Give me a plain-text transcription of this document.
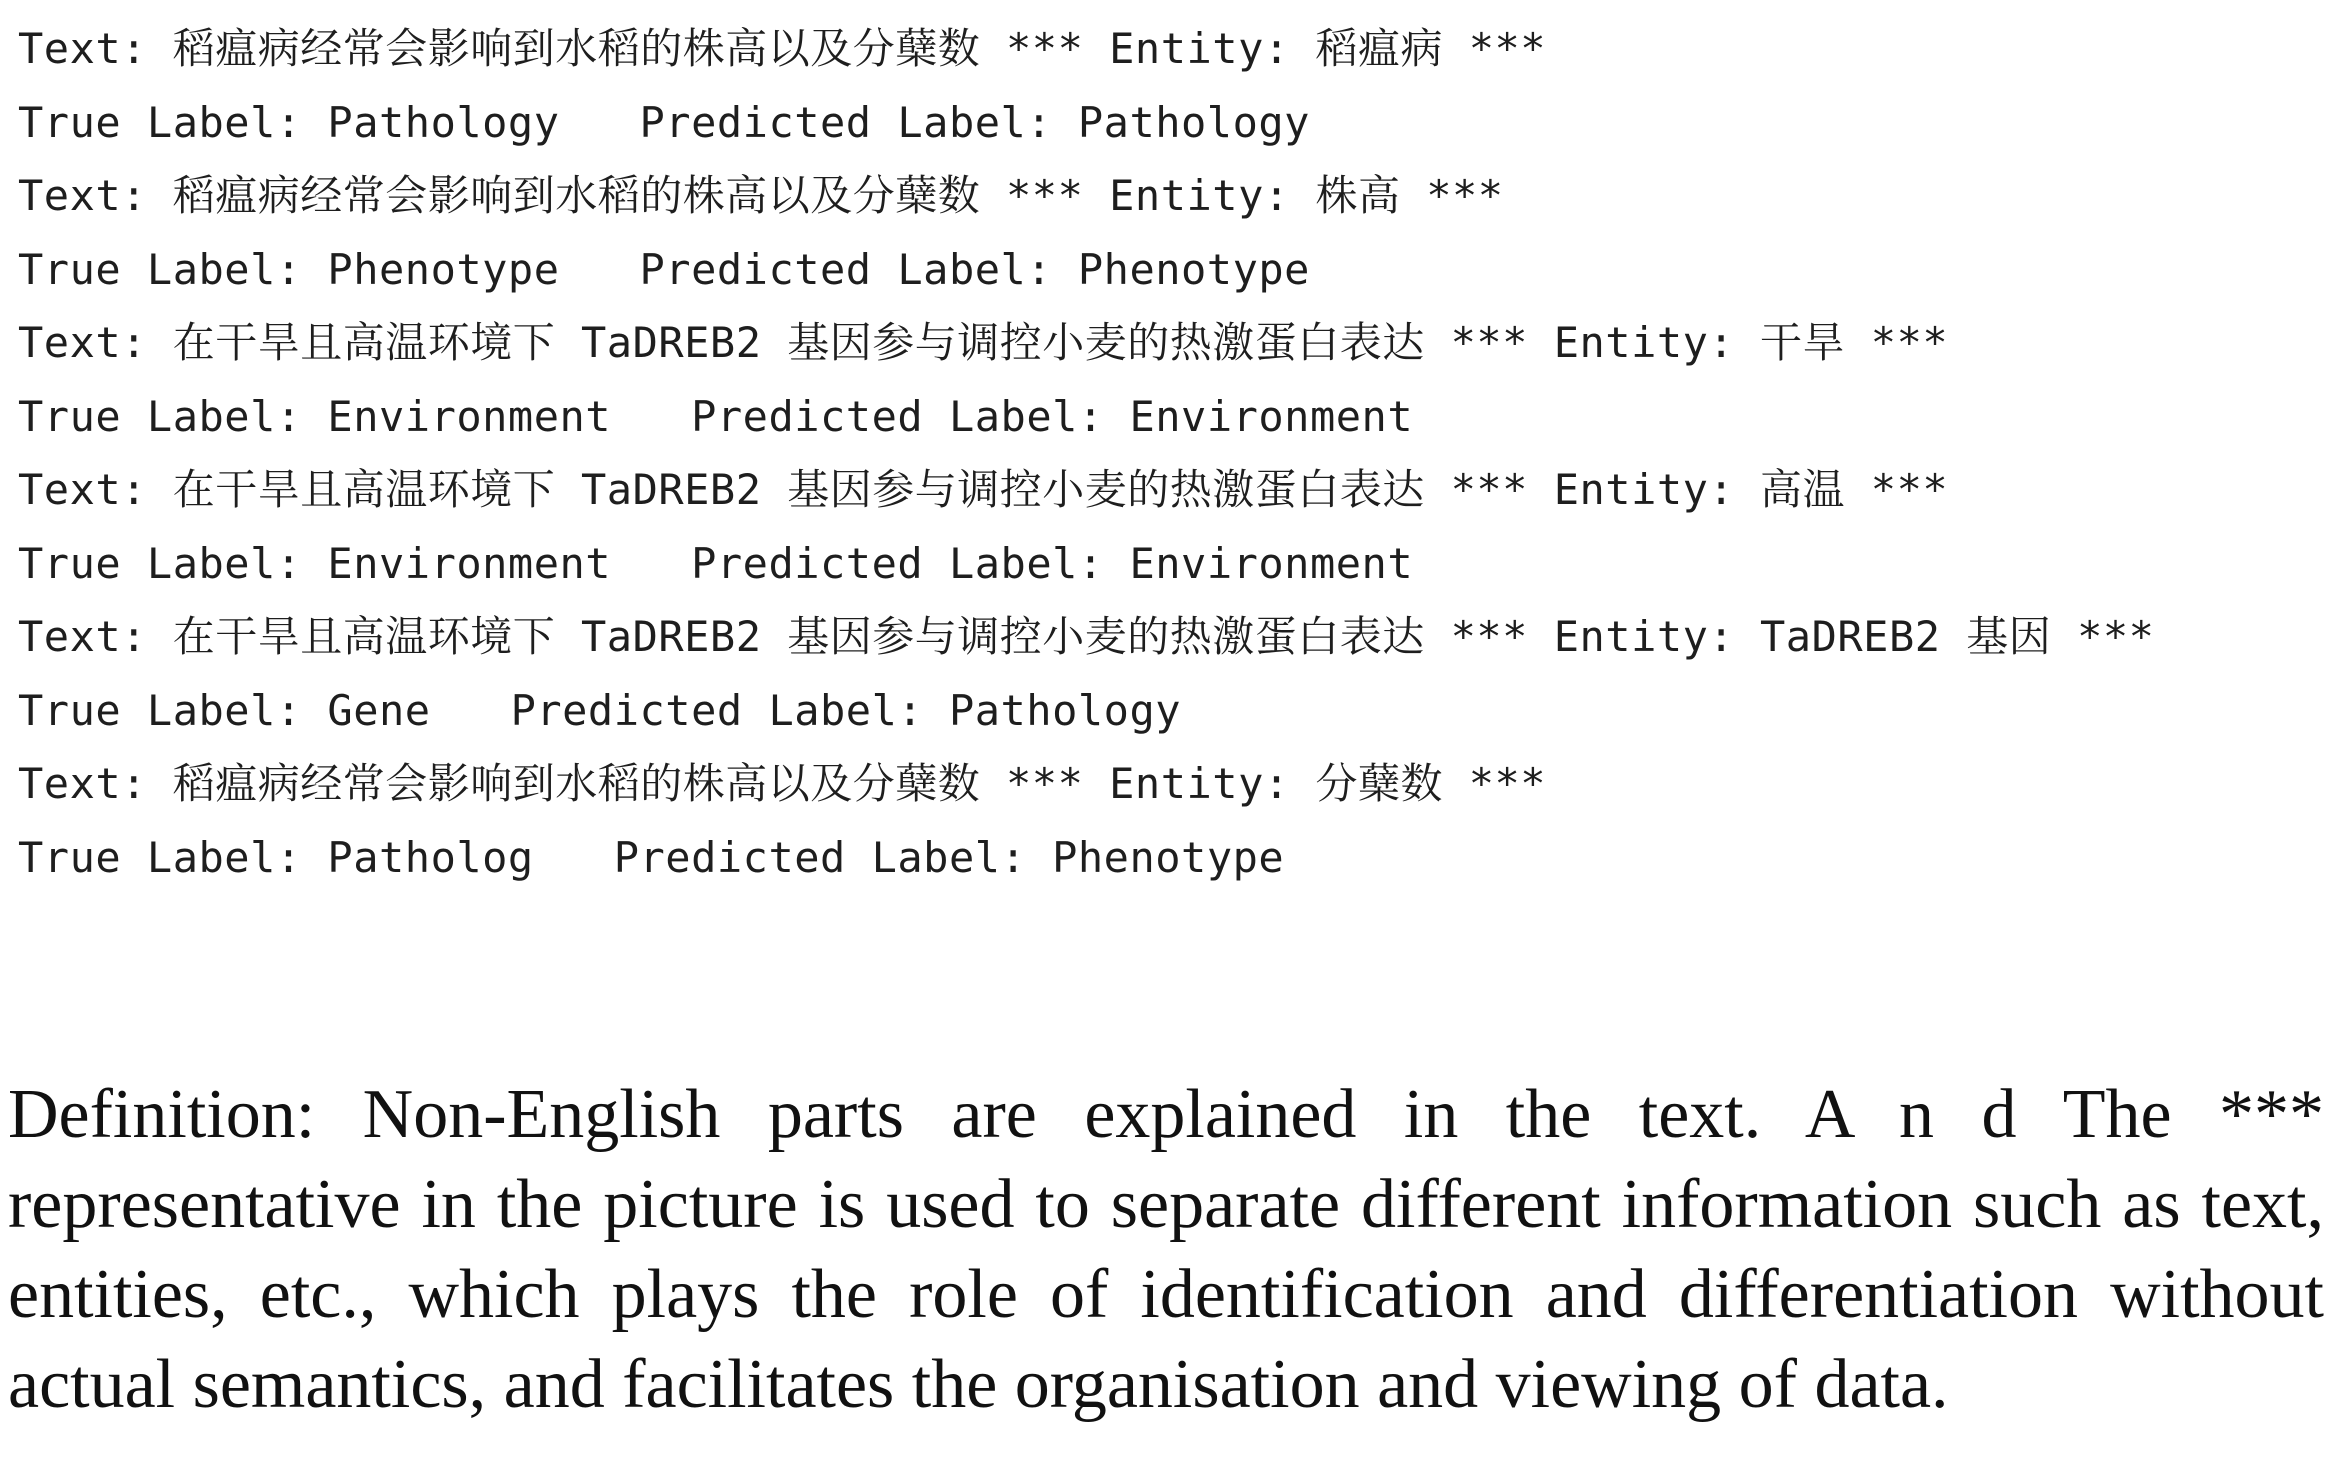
Text: 稻瘟病经常会影响到水稻的株高以及分蘖数 *** Entity: 稻瘟病 ***
True Label: Pathology Predicted Label: Pathology
Text: 稻瘟病经常会影响到水稻的株高以及分蘖数 *** Entity: 株高 ***
True Label: Phenotype Predicted Label: Phenotype
Text: 在干旱且高温环境下 TaDREB2 基因参与调控小麦的热激蛋白表达 *** Entity: 干旱 ***
True Label: Environment Predicted Label: Environment
Text: 在干旱且高温环境下 TaDREB2 基因参与调控小麦的热激蛋白表达 *** Entity: 高温 ***
True Label: Environment Predicted Label: Environment
Text: 在干旱且高温环境下 TaDREB2 基因参与调控小麦的热激蛋白表达 *** Entity: TaDREB2 基因 ***
True Label: Gene Predicted Label: Pathology
Text: 稻瘟病经常会影响到水稻的株高以及分蘖数 *** Entity: 分蘖数 ***
True Label: Patholog Predicted Label: Phenotype

Definition: Non-English parts are explained in the text. A n d The *** representative in the picture is used to separate different information such as text, entities, etc., which plays the role of identification and differentiation without actual semantics, and facilitates the organisation and viewing of data.
